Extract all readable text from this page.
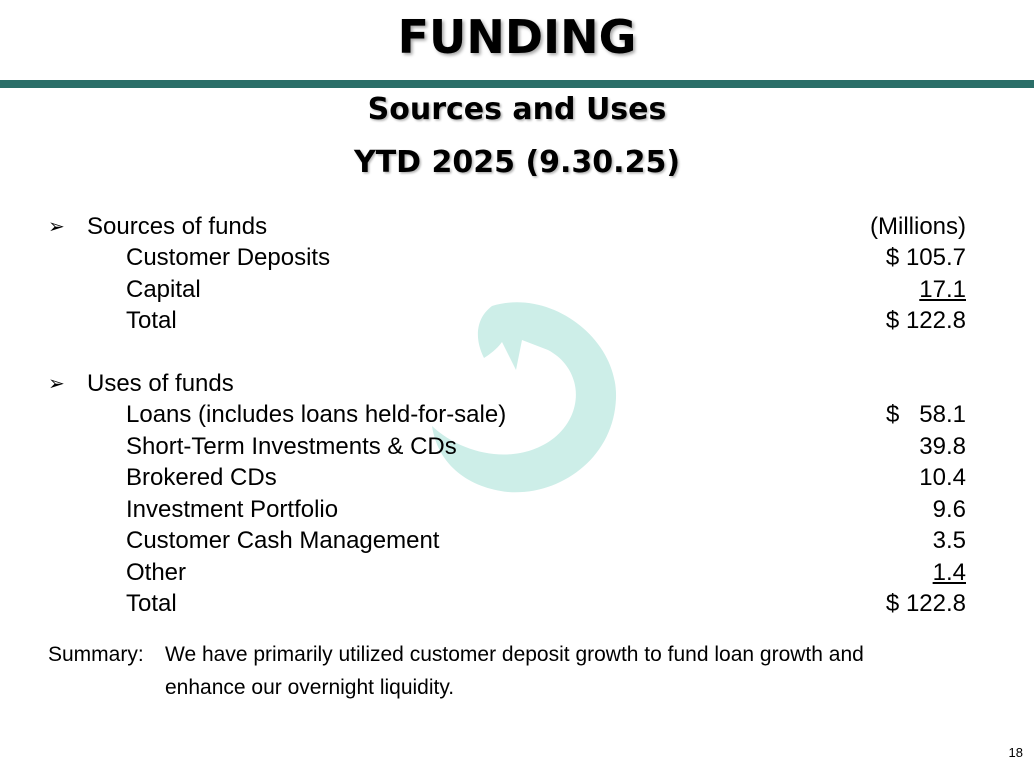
FUNDING
Sources and Uses
YTD 2025 (9.30.25)
➢ Sources of funds	(Millions)
Customer Deposits	$ 105.7
Capital	17.1
Total	$ 122.8
➢ Uses of funds
Loans (includes loans held-for-sale)	$   58.1
Short-Term Investments & CDs	39.8
Brokered CDs	10.4
Investment Portfolio	9.6
Customer Cash Management	3.5
Other	1.4
Total	$ 122.8
Summary: We have primarily utilized customer deposit growth to fund loan growth and
enhance our overnight liquidity.
18
